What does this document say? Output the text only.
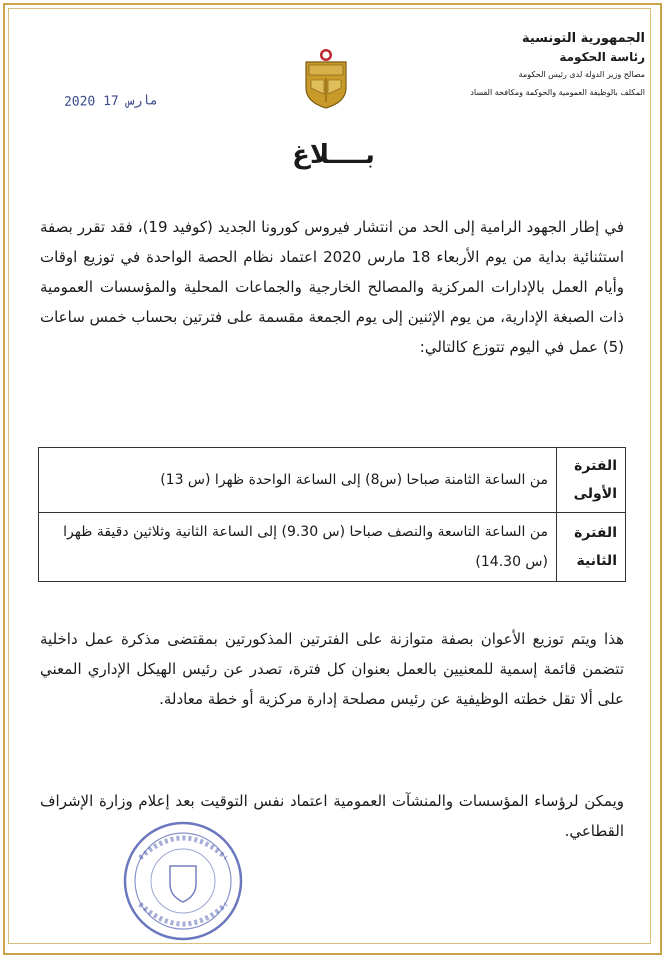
الجمهورية التونسية
رئاسة الحكومة
مصالح وزير الدولة لدى رئيس الحكومة
المكلف بالوظيفة العمومية والحوكمة ومكافحة الفساد
2020 مارس 17
بــــلاغ
في إطار الجهود الرامية إلى الحد من انتشار فيروس كورونا الجديد (كوفيد 19)، فقد تقرر بصفة استثنائية بداية من يوم الأربعاء 18 مارس 2020 اعتماد نظام الحصة الواحدة في توزيع اوقات وأيام العمل بالإدارات المركزية والمصالح الخارجية والجماعات المحلية والمؤسسات العمومية ذات الصبغة الإدارية، من يوم الإثنين إلى يوم الجمعة مقسمة على فترتين بحساب خمس ساعات (5) عمل في اليوم تتوزع كالتالي:
الفترة الأولى	من الساعة الثامنة صباحا (س8) إلى الساعة الواحدة ظهرا (س 13)
الفترة الثانية	من الساعة التاسعة والنصف صباحا (س 9.30) إلى الساعة الثانية وثلاثين دقيقة ظهرا (س 14.30)
هذا ويتم توزيع الأعوان بصفة متوازنة على الفترتين المذكورتين بمقتضى مذكرة عمل داخلية تتضمن قائمة إسمية للمعنيين بالعمل بعنوان كل فترة، تصدر عن رئيس الهيكل الإداري المعني على ألا تقل خطته الوظيفية عن رئيس مصلحة إدارة مركزية أو خطة معادلة.
ويمكن لرؤساء المؤسسات والمنشآت العمومية اعتماد نفس التوقيت بعد إعلام وزارة الإشراف القطاعي.
